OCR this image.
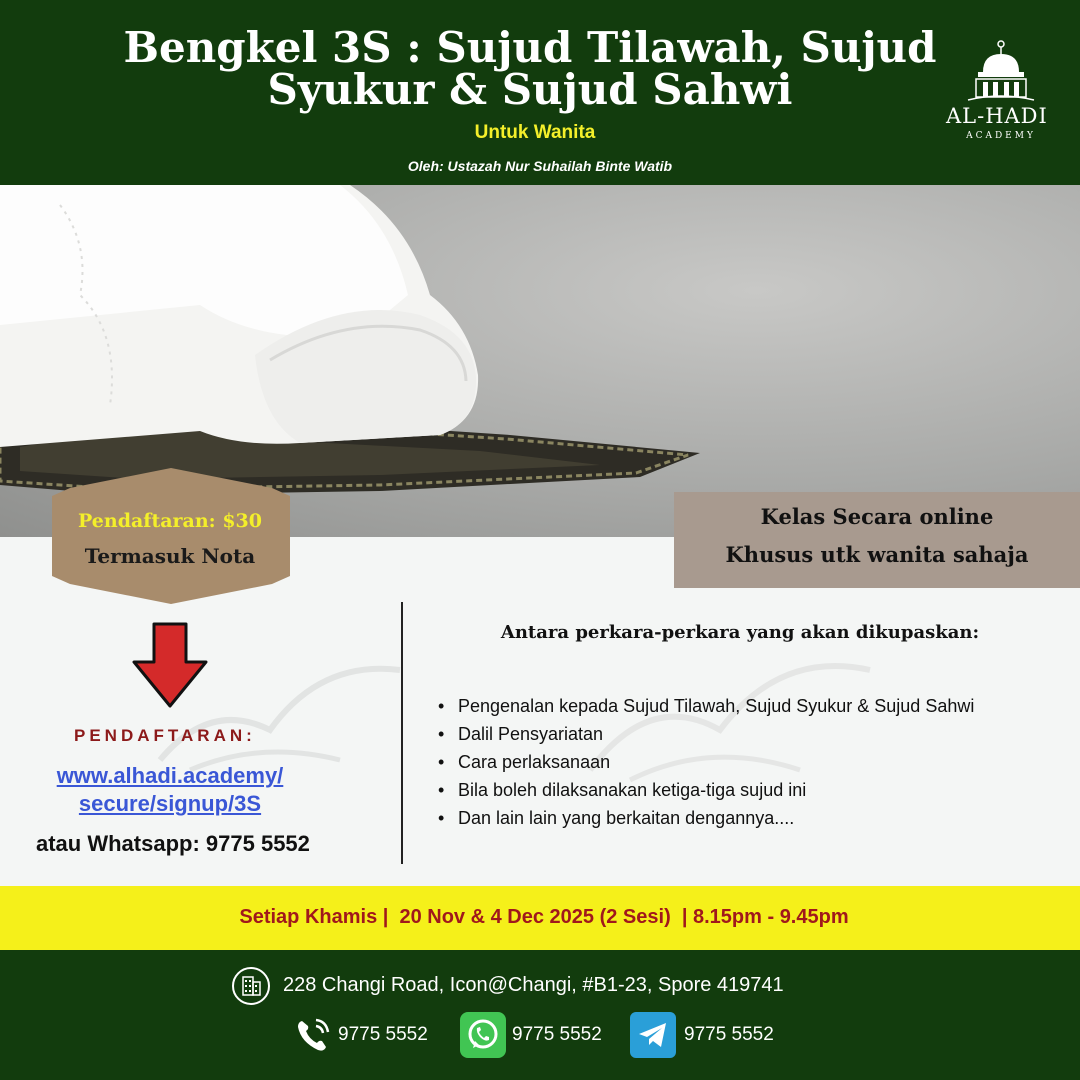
Bengkel 3S : Sujud Tilawah, Sujud
Syukur & Sujud Sahwi
Untuk Wanita
Oleh: Ustazah Nur Suhailah Binte Watib
AL-HADI
ACADEMY
Pendaftaran: $30
Termasuk Nota
Kelas Secara online
Khusus utk wanita sahaja
PENDAFTARAN:
www.alhadi.academy/
secure/signup/3S
atau Whatsapp: 9775 5552
Antara perkara-perkara yang akan dikupaskan:
• Pengenalan kepada Sujud Tilawah, Sujud Syukur & Sujud Sahwi
• Dalil Pensyariatan
• Cara perlaksanaan
• Bila boleh dilaksanakan ketiga-tiga sujud ini
• Dan lain lain yang berkaitan dengannya....
Setiap Khamis |  20 Nov & 4 Dec 2025 (2 Sesi)  | 8.15pm - 9.45pm
228 Changi Road, Icon@Changi, #B1-23, Spore 419741
9775 5552	9775 5552	9775 5552
